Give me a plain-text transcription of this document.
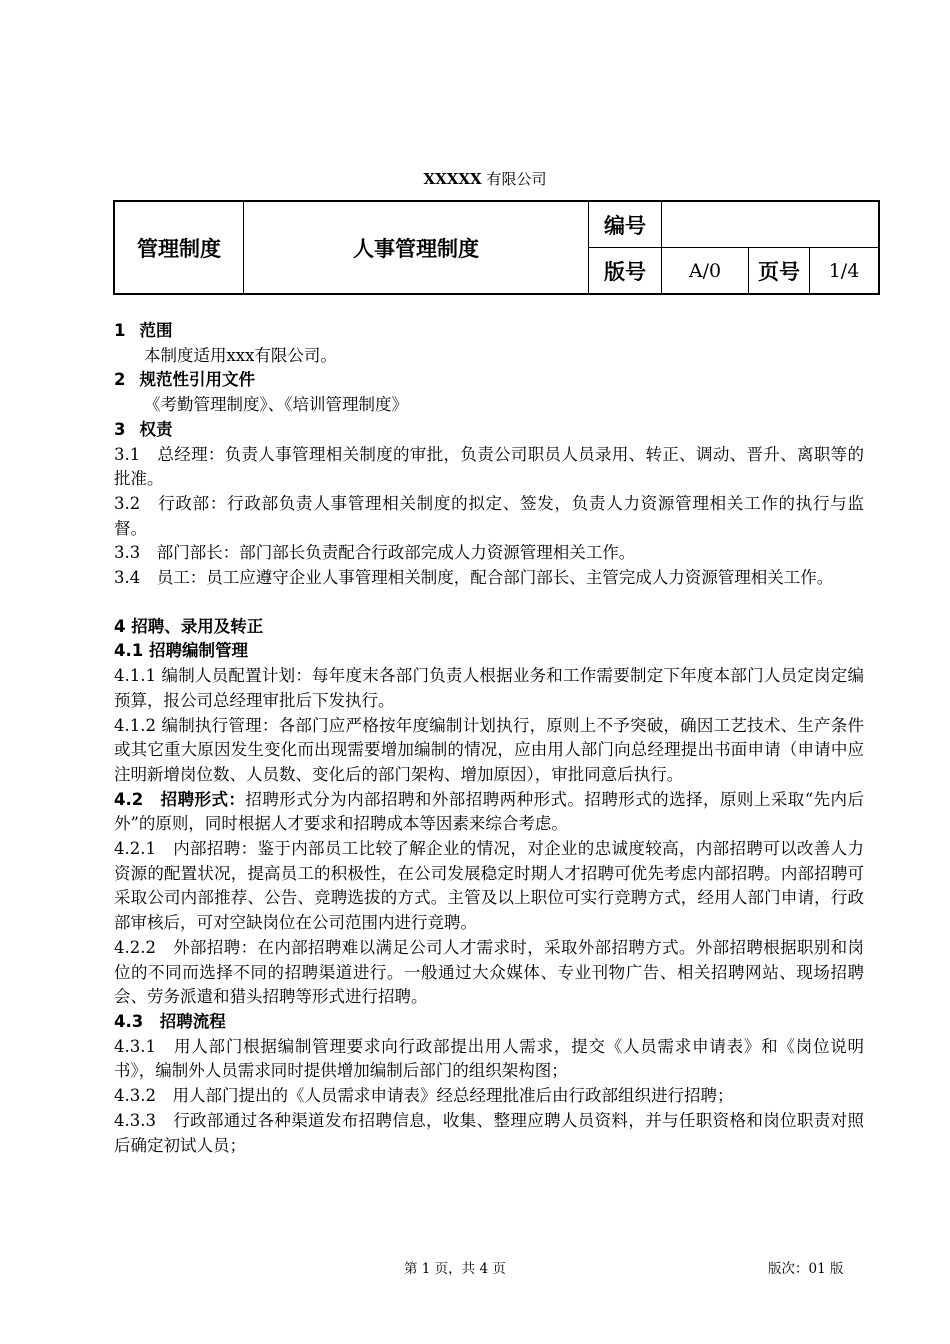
XXXXX 有限公司
管理制度	人事管理制度	编号			
		版号	A/0	页号	1/4

1 范围

本制度适用xxx有限公司。

2 规范性引用文件

《考勤管理制度》、《培训管理制度》

3 权责

3.1　总经理：负责人事管理相关制度的审批，负责公司职员人员录用、转正、调动、晋升、离职等的批准。

3.2　行政部：行政部负责人事管理相关制度的拟定、签发，负责人力资源管理相关工作的执行与监督。

3.3　部门部长：部门部长负责配合行政部完成人力资源管理相关工作。

3.4　员工：员工应遵守企业人事管理相关制度，配合部门部长、主管完成人力资源管理相关工作。

4 招聘、录用及转正

4.1 招聘编制管理

4.1.1 编制人员配置计划：每年度末各部门负责人根据业务和工作需要制定下年度本部门人员定岗定编预算，报公司总经理审批后下发执行。

4.1.2 编制执行管理：各部门应严格按年度编制计划执行，原则上不予突破，确因工艺技术、生产条件或其它重大原因发生变化而出现需要增加编制的情况，应由用人部门向总经理提出书面申请（申请中应注明新增岗位数、人员数、变化后的部门架构、增加原因），审批同意后执行。

4.2　招聘形式：招聘形式分为内部招聘和外部招聘两种形式。招聘形式的选择，原则上采取“先内后外”的原则，同时根据人才要求和招聘成本等因素来综合考虑。

4.2.1　内部招聘：鉴于内部员工比较了解企业的情况，对企业的忠诚度较高，内部招聘可以改善人力资源的配置状况，提高员工的积极性，在公司发展稳定时期人才招聘可优先考虑内部招聘。内部招聘可采取公司内部推荐、公告、竞聘选拔的方式。主管及以上职位可实行竞聘方式，经用人部门申请，行政部审核后，可对空缺岗位在公司范围内进行竞聘。

4.2.2　外部招聘：在内部招聘难以满足公司人才需求时，采取外部招聘方式。外部招聘根据职别和岗位的不同而选择不同的招聘渠道进行。一般通过大众媒体、专业刊物广告、相关招聘网站、现场招聘会、劳务派遣和猎头招聘等形式进行招聘。

4.3　招聘流程

4.3.1　用人部门根据编制管理要求向行政部提出用人需求，提交《人员需求申请表》和《岗位说明书》，编制外人员需求同时提供增加编制后部门的组织架构图；

4.3.2　用人部门提出的《人员需求申请表》经总经理批准后由行政部组织进行招聘；

4.3.3　行政部通过各种渠道发布招聘信息，收集、整理应聘人员资料，并与任职资格和岗位职责对照后确定初试人员；

第 1 页，共 4 页	版次：01 版
